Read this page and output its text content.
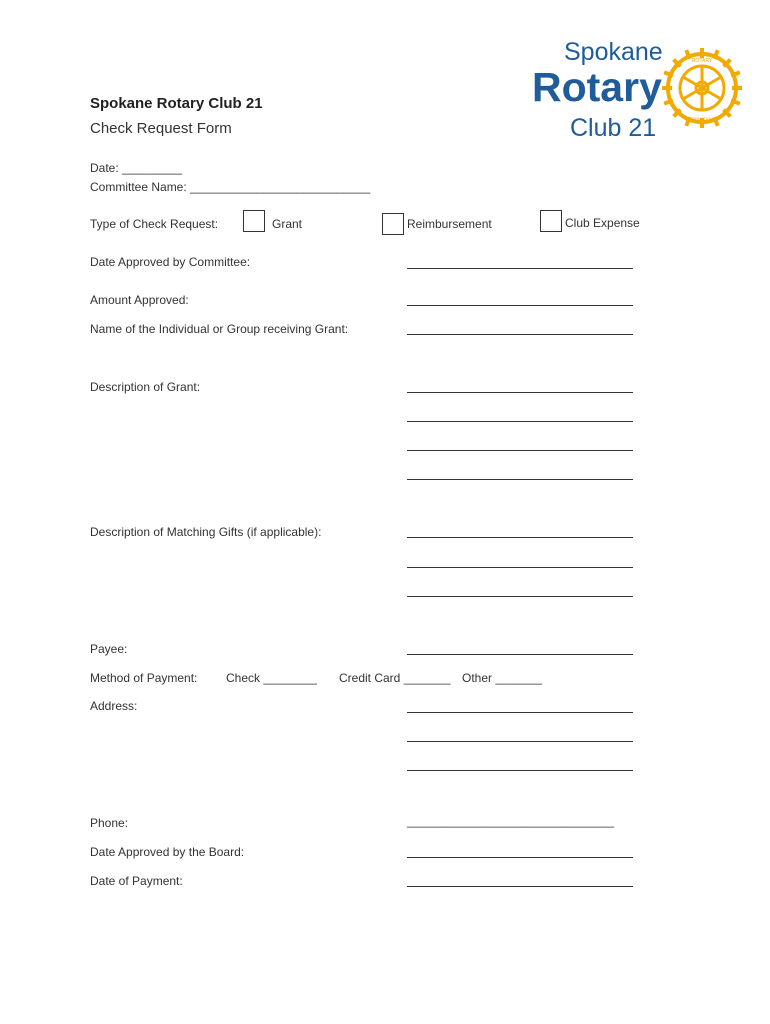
Spokane Rotary Club 21
Check Request Form
Spokane
Rotary
Club 21
ROTARY
INTERNATIONAL
Date: _________
Committee Name: ___________________________
Type of Check Request:	Grant	Reimbursement	Club Expense
Date Approved by Committee:
Amount Approved:
Name of the Individual or Group receiving Grant:
Description of Grant:
Description of Matching Gifts (if applicable):
Payee:
Method of Payment: Check ________ Credit Card _______ Other _______
Address:
Phone:	_______________________________
Date Approved by the Board:
Date of Payment:
